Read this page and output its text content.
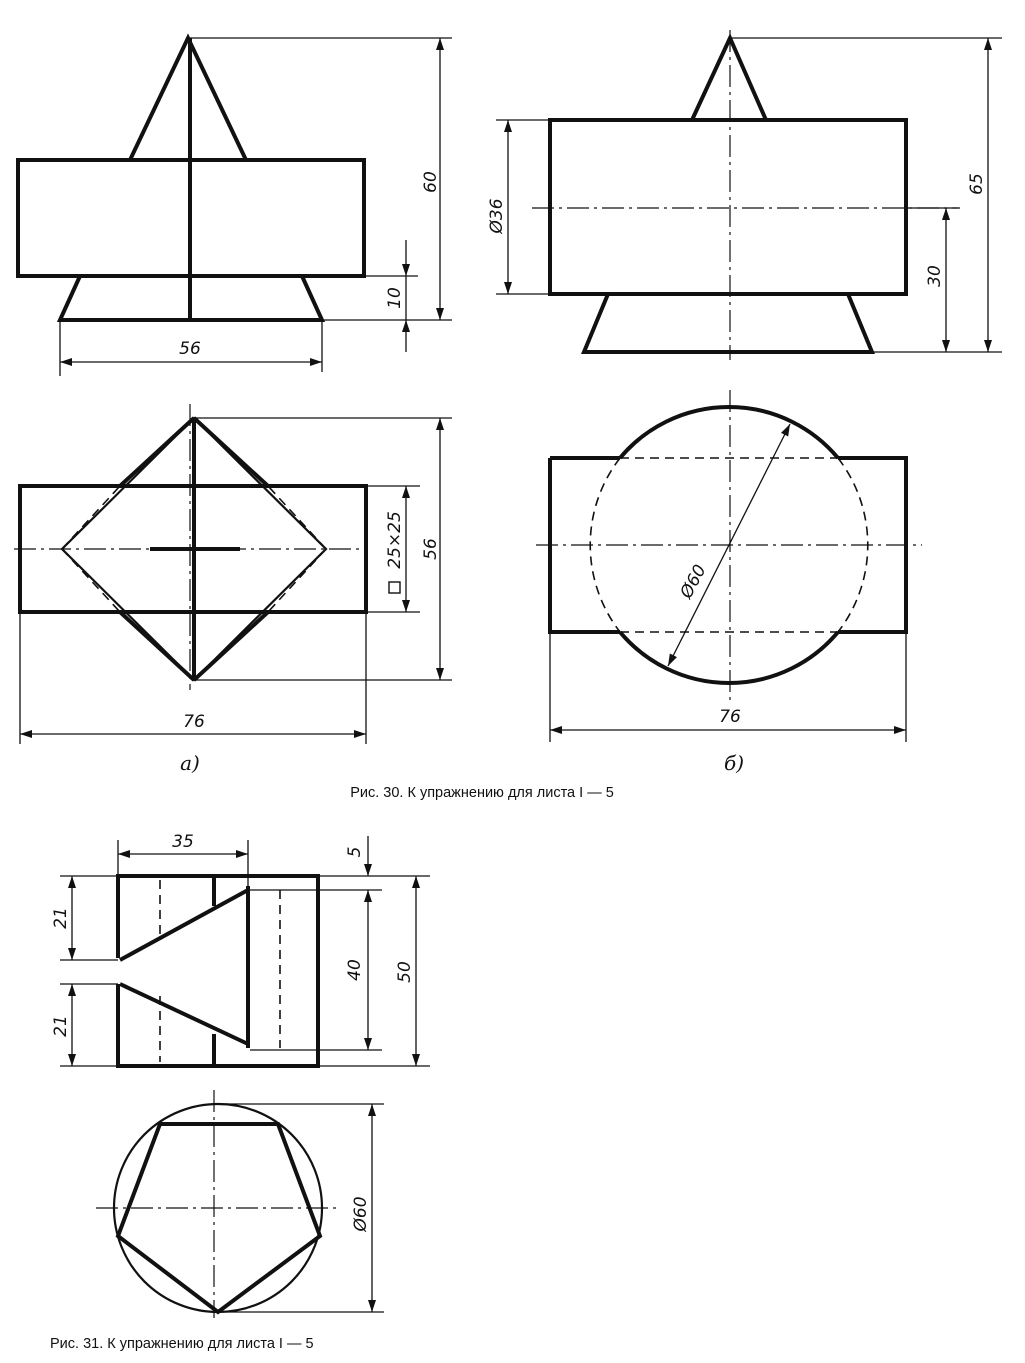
60
10
56
25×25 56
76
а)
65
30
Ø36
Ø60
76
б)
Рис. 30. К упражнению для листа I — 5
35	5
40 50
21
21
Ø60
Рис. 31. К упражнению для листа I — 5
